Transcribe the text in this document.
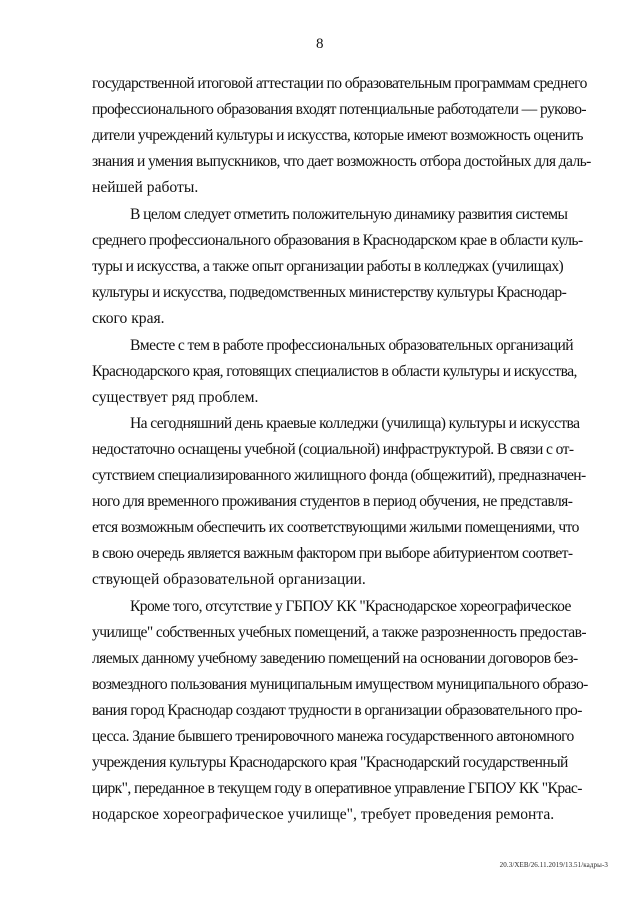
8
государственной итоговой аттестации по образовательным программам среднего
профессионального образования входят потенциальные работодатели — руково-
дители учреждений культуры и искусства, которые имеют возможность оценить
знания и умения выпускников, что дает возможность отбора достойных для даль-
нейшей работы.
В целом следует отметить положительную динамику развития системы
среднего профессионального образования в Краснодарском крае в области куль-
туры и искусства, а также опыт организации работы в колледжах (училищах)
культуры и искусства, подведомственных министерству культуры Краснодар-
ского края.
Вместе с тем в работе профессиональных образовательных организаций
Краснодарского края, готовящих специалистов в области культуры и искусства,
существует ряд проблем.
На сегодняшний день краевые колледжи (училища) культуры и искусства
недостаточно оснащены учебной (социальной) инфраструктурой. В связи с от-
сутствием специализированного жилищного фонда (общежитий), предназначен-
ного для временного проживания студентов в период обучения, не представля-
ется возможным обеспечить их соответствующими жилыми помещениями, что
в свою очередь является важным фактором при выборе абитуриентом соответ-
ствующей образовательной организации.
Кроме того, отсутствие у ГБПОУ КК "Краснодарское хореографическое
училище" собственных учебных помещений, а также разрозненность предостав-
ляемых данному учебному заведению помещений на основании договоров без-
возмездного пользования муниципальным имуществом муниципального образо-
вания город Краснодар создают трудности в организации образовательного про-
цесса. Здание бывшего тренировочного манежа государственного автономного
учреждения культуры Краснодарского края "Краснодарский государственный
цирк", переданное в текущем году в оперативное управление ГБПОУ КК "Крас-
нодарское хореографическое училище", требует проведения ремонта.
20.3/ХЕВ/26.11.2019/13.51/кадры-3
